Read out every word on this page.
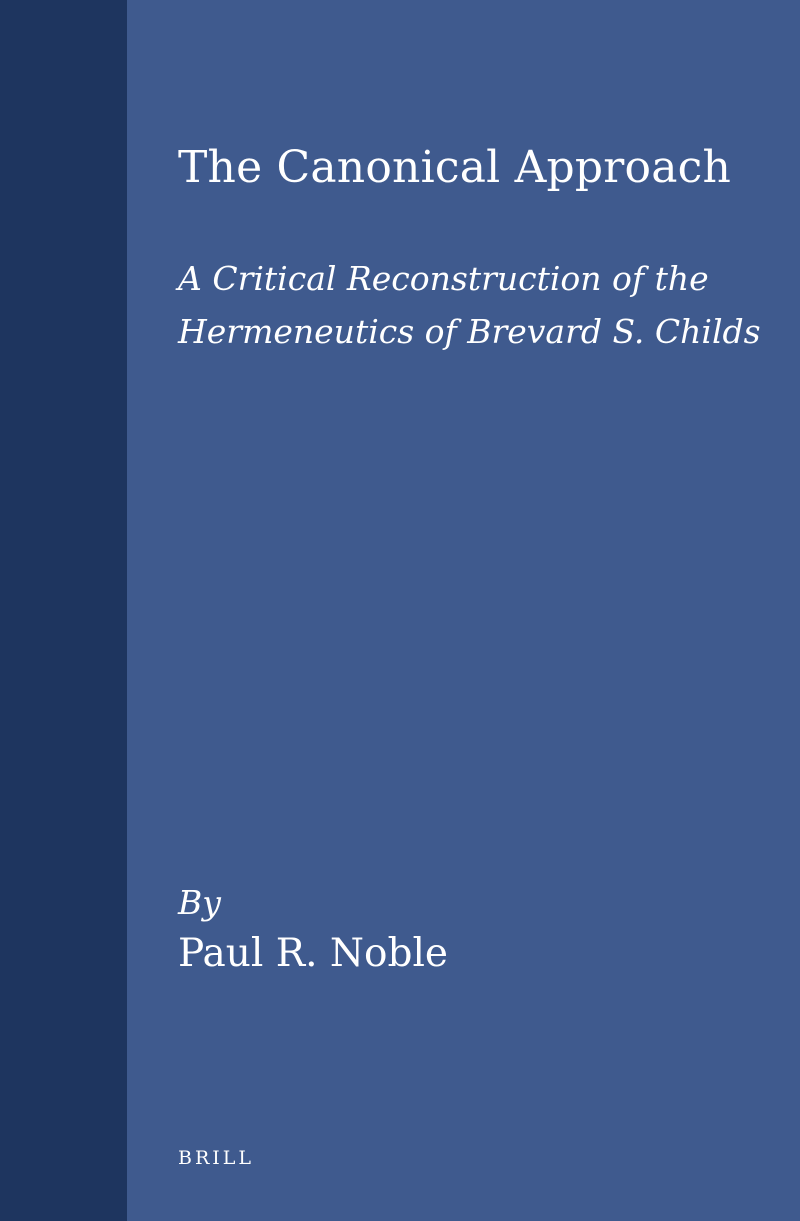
The Canonical Approach
A Critical Reconstruction of the
Hermeneutics of Brevard S. Childs
By
Paul R. Noble
BRILL
